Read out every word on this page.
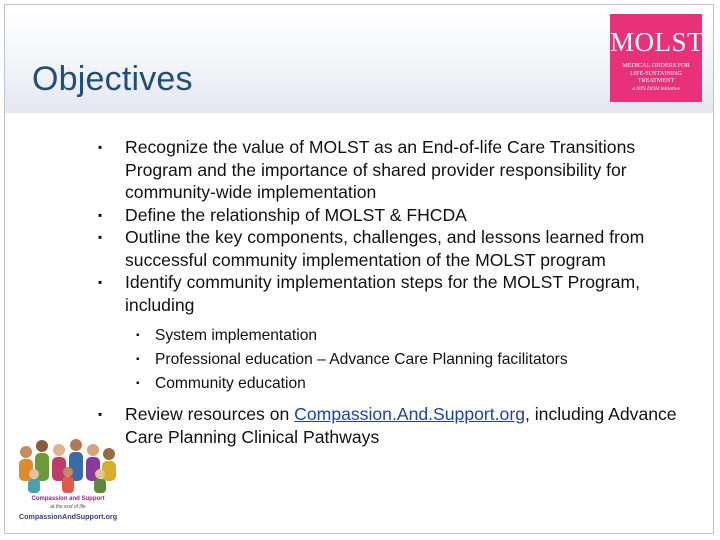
Objectives
MOLST
MEDICAL ORDERS FOR LIFE-SUSTAINING TREATMENT
a NYS DOH initiative
▪ Recognize the value of MOLST as an End-of-life Care Transitions Program and the importance of shared provider responsibility for community-wide implementation
▪ Define the relationship of MOLST & FHCDA
▪ Outline the key components, challenges, and lessons learned from successful community implementation of the MOLST program
▪ Identify community implementation steps for the MOLST Program, including
▪ System implementation
▪ Professional education – Advance Care Planning facilitators
▪ Community education
▪ Review resources on Compassion.And.Support.org, including Advance Care Planning Clinical Pathways
Compassion and Support
at the end of life
CompassionAndSupport.org
